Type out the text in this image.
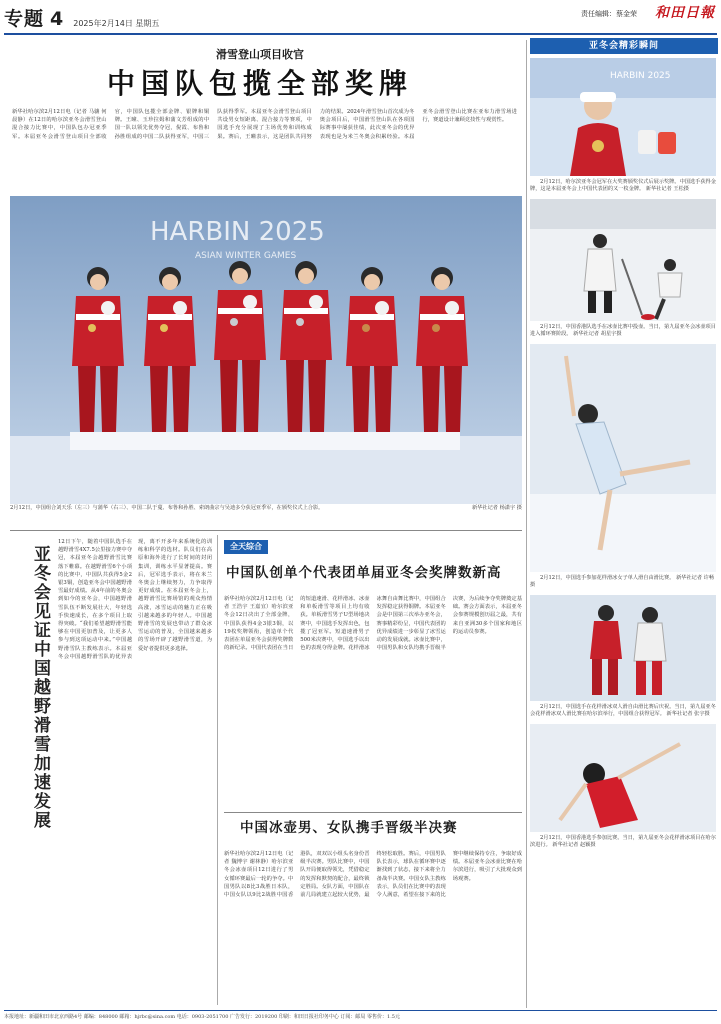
专题 4 2025年2月14日 星期五
责任编辑：蔡金荣 和田日報
滑雪登山项目收官
中国队包揽全部奖牌
新华社哈尔滨2月12日电（记者 马骧 何晨静）在12日的哈尔滨亚冬会滑雪登山混合接力比赛中，中国队包办冠亚季军。本届亚冬会滑雪登山项目全部收官，中国队包揽全部金牌、银牌和铜牌。王曈、玉珍拉姆和蒲文芳组成的中国一队以领先优势夺冠，倪霞、布鲁和孙胜组成的中国二队获得亚军，中国三队获得季军。本届亚冬会滑雪登山项目共设男女短距离、混合接力等赛项，中国选手充分展现了主场优势和训练成果。赛后，王曈表示，这是团队共同努力的结果。2024年滑雪登山首次成为冬奥会项目后，中国滑雪登山队在各项国际赛事中屡获佳绩，此次亚冬会的优异表现也是为米兰冬奥会积累经验。本届亚冬会滑雪登山比赛在亚布力滑雪场进行，赛道设计兼顾竞技性与观赏性。
HARBIN 2025
ASIAN WINTER GAMES
2月12日，中国组合刘天乐（左三）与蒲华（右三）、中国二队于蔓、布鲁和孙胜、索朗曲宗与吴迪多分获冠亚季军，在颁奖仪式上合影。	新华社记者 杨潇宇 摄
亚冬会见证中国越野滑雪加速发展
12日下午，随着中国队选手在越野滑雪4X7.5公里接力赛中夺冠，本届亚冬会越野滑雪比赛落下帷幕。在越野滑雪6个小项的比赛中，中国队共获得5金2银3铜，创造亚冬会中国越野滑雪最好成绩。从4年前的冬奥会到如今的亚冬会，中国越野滑雪队伍不断发展壮大，年轻选手快速成长，在多个项目上取得突破。“我们希望越野滑雪能够在中国更加普及，让更多人参与到这项运动中来。”中国越野滑雪队主教练表示。本届亚冬会中国越野滑雪队的优异表现，离不开多年来系统化的训练和科学的选材。队员们在高原和海外进行了长时间的封闭集训，训练水平显著提高。赛后，冠军选手表示，将在米兰冬奥会上继续努力，力争取得更好成绩。在本届亚冬会上，越野滑雪比赛场馆的观众热情高涨，冰雪运动的魅力正在吸引越来越多的年轻人。中国越野滑雪的发展也带动了群众冰雪运动的普及，全国越来越多的雪场开辟了越野滑雪道，为爱好者提供更多选择。
全天综合
中国队创单个代表团单届亚冬会奖牌数新高
新华社哈尔滨2月12日电（记者 王浩宇 王嘉宜）哈尔滨亚冬会12日决出了全部金牌，中国队获得4金3银3铜，以19枚奖牌领衔，创造单个代表团在单届亚冬会获得奖牌数的新纪录。中国代表团在当日的短道速滑、花样滑冰、冰壶和单板滑雪等项目上均有收获。单板滑雪男子U型场地决赛中，中国选手发挥出色，包揽了冠亚军。短道速滑男子500米决赛中，中国选手以出色的表现夺得金牌。花样滑冰冰舞自由舞比赛中，中国组合发挥稳定获得铜牌。本届亚冬会是中国第三次举办亚冬会，赛事精彩纷呈，中国代表团的优异成绩进一步彰显了冰雪运动的发展成就。冰壶比赛中，中国男队和女队均携手晋级半决赛，为后续争夺奖牌奠定基础。赛会方面表示，本届亚冬会参赛规模创历届之最，共有来自亚洲30多个国家和地区的运动员参赛。
中国冰壶男、女队携手晋级半决赛
新华社哈尔滨2月12日电（记者 魏博宇 谢林静）哈尔滨亚冬会冰壶项目12日进行了男女循环赛最后一轮的争夺。中国男队以8比3战胜日本队，中国女队以9比2战胜中国香港队，双双以小组头名身份晋级半决赛。男队比赛中，中国队开局便取得领先，凭借稳定的发挥和默契的配合，最终锁定胜局。女队方面，中国队在前几局就建立起较大优势，最终轻松取胜。赛后，中国男队队长表示，球队在循环赛中逐渐找到了状态，接下来将全力备战半决赛。中国女队主教练表示，队员们在比赛中的表现令人满意，希望在接下来的比赛中继续保持专注，争取好成绩。本届亚冬会冰壶比赛在哈尔滨进行，吸引了大批观众到场观赛。
亚冬会精彩瞬间
HARBIN 2025
2月12日，哈尔滨亚冬会冠军在大奖赛颁奖仪式后展示奖牌。中国选手获得金牌，这是本届亚冬会上中国代表团的又一枚金牌。 新华社记者 王松摄
2月12日，中国香港队选手在冰壶比赛中投壶。当日，第九届亚冬会冰壶项目进入循环赛阶段。 新华社记者 胡星宇摄
2月12日，中国选手参加花样滑冰女子单人滑自由滑比赛。 新华社记者 许畅摄
2月12日，中国选手在花样滑冰双人滑自由滑比赛后庆祝。当日，第九届亚冬会花样滑冰双人滑比赛在哈尔滨举行，中国组合获得冠军。 新华社记者 张宇摄
2月12日，中国香港选手参加比赛。当日，第九届亚冬会花样滑冰项目在哈尔滨进行。 新华社记者 赵颖摄
本报地址：新疆和田市北京西路4号 邮编：848000 邮箱：hjrbc@sina.com 电话：0903-2051700 广告发行：2019200 印刷：和田日报社印务中心 订阅：邮局 零售价：1.5元
